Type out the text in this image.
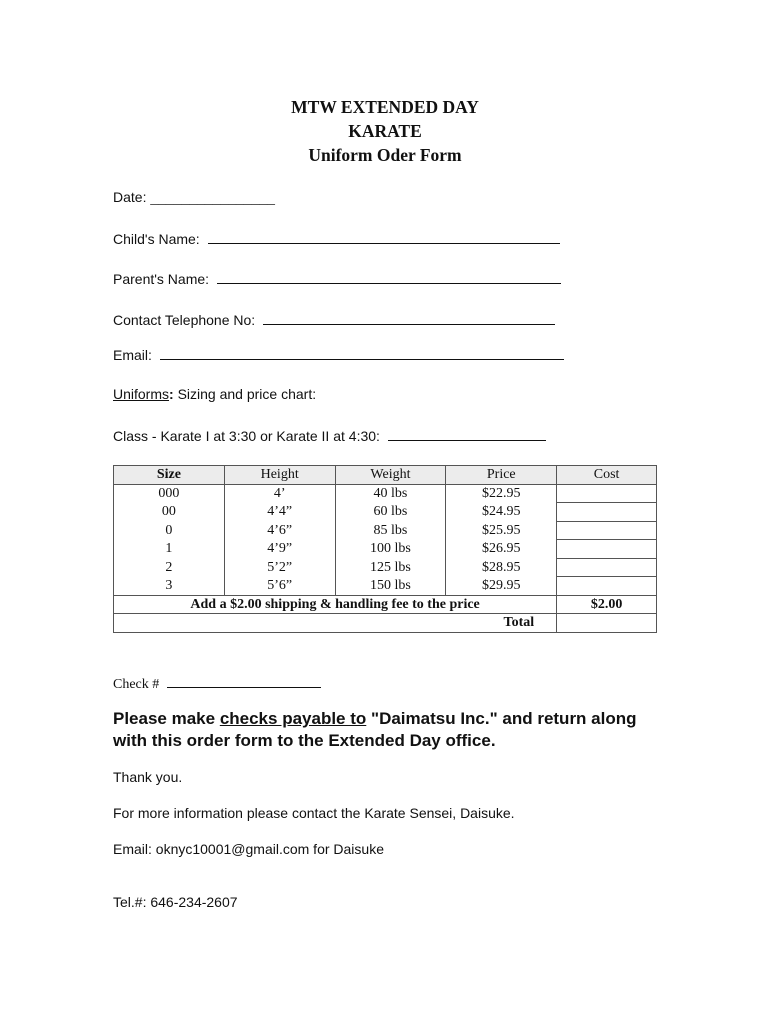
MTW EXTENDED DAY
KARATE
Uniform Oder Form
Date: ________________
Child's Name:
Parent's Name:
Contact Telephone No:
Email:
Uniforms: Sizing and price chart:
Class - Karate I at 3:30 or Karate II at 4:30:
Size	Height	Weight	Price	Cost
000	4’	40 lbs	$22.95	
00	4’4”	60 lbs	$24.95	
0	4’6”	85 lbs	$25.95	
1	4’9”	100 lbs	$26.95	
2	5’2”	125 lbs	$28.95	
3	5’6”	150 lbs	$29.95	
Add a $2.00 shipping & handling fee to the price				$2.00
Total				
Check #
Please make checks payable to "Daimatsu Inc." and return along with this order form to the Extended Day office.
Thank you.
For more information please contact the Karate Sensei, Daisuke.
Email: oknyc10001@gmail.com for Daisuke
Tel.#: 646-234-2607
